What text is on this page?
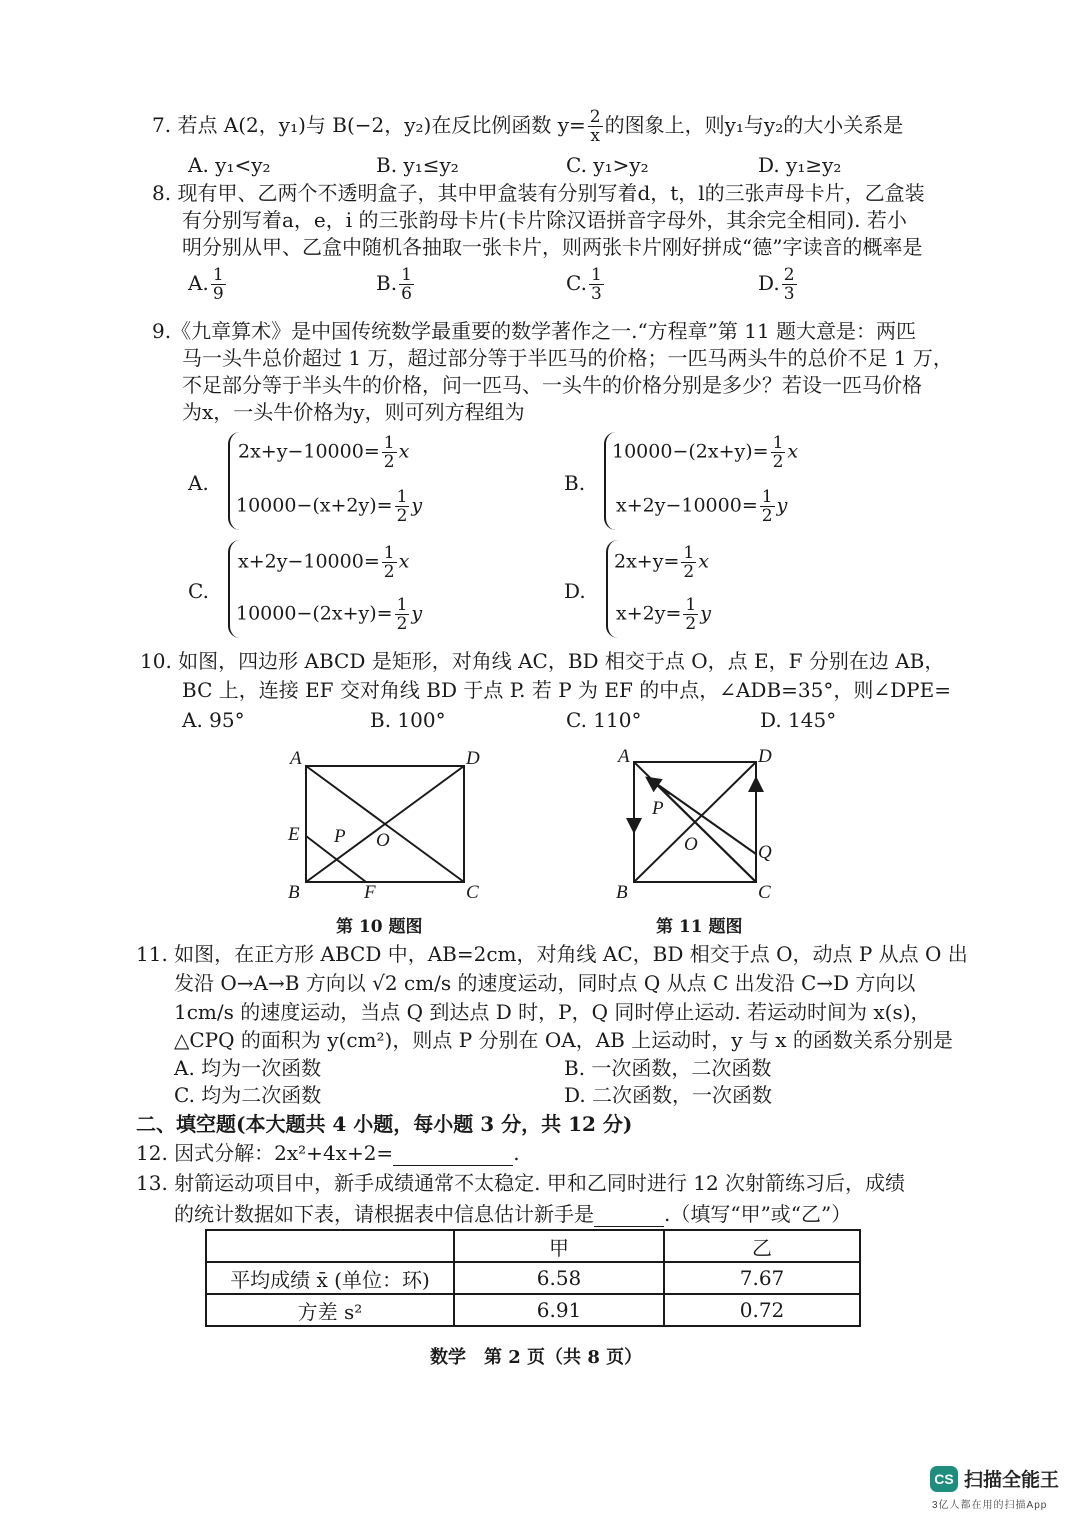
7. 若点 A(2，y₁)与 B(−2，y₂)在反比例函数 $y= \frac{2}{x}$ 的图象上，则y₁与y₂的大小关系是
A. y₁<y₂	B. y₁≤y₂	C. y₁>y₂	D. y₁≥y₂
8. 现有甲、乙两个不透明盒子，其中甲盒装有分别写着d，t，l的三张声母卡片，乙盒装
有分别写着a，e，i 的三张韵母卡片(卡片除汉语拼音字母外，其余完全相同). 若小
明分别从甲、乙盒中随机各抽取一张卡片，则两张卡片刚好拼成“德”字读音的概率是
A. $\frac{1}{9}$	B. $\frac{1}{6}$	C. $\frac{1}{3}$	D. $\frac{2}{3}$
9.《九章算术》是中国传统数学最重要的数学著作之一.“方程章”第 11 题大意是：两匹
马一头牛总价超过 1 万，超过部分等于半匹马的价格；一匹马两头牛的总价不足 1 万，
不足部分等于半头牛的价格，问一匹马、一头牛的价格分别是多少？若设一匹马价格
为x，一头牛价格为y，则可列方程组为
A.
$2x+y-10000= \frac{1}{2}$ x
$10000-(x+2y)= \frac{1}{2}$ y
B.
$10000-(2x+y)= \frac{1}{2}$ x
$x+2y-10000= \frac{1}{2}$ y
C.
$x+2y-10000= \frac{1}{2}$ x
$10000-(2x+y)= \frac{1}{2}$ y
D.
$2x+y= \frac{1}{2}$ x
$x+2y= \frac{1}{2}$ y
10. 如图，四边形 ABCD 是矩形，对角线 AC，BD 相交于点 O，点 E，F 分别在边 AB，
BC 上，连接 EF 交对角线 BD 于点 P. 若 P 为 EF 的中点，∠ADB=35°，则∠DPE=
A. 95°	B. 100°	C. 110°	D. 145°
A	D
E P O
B	F	C
第 10 题图
A	D
P
O	Q
B	C
第 11 题图
11. 如图，在正方形 ABCD 中，AB=2cm，对角线 AC，BD 相交于点 O，动点 P 从点 O 出
发沿 O→A→B 方向以 √2 cm/s 的速度运动，同时点 Q 从点 C 出发沿 C→D 方向以
1cm/s 的速度运动，当点 Q 到达点 D 时，P，Q 同时停止运动. 若运动时间为 x(s)，
△CPQ 的面积为 y(cm²)，则点 P 分别在 OA，AB 上运动时，y 与 x 的函数关系分别是
A. 均为一次函数	B. 一次函数，二次函数
C. 均为二次函数	D. 二次函数，一次函数
二、填空题(本大题共 4 小题，每小题 3 分，共 12 分)
12. 因式分解：2x²+4x+2=	.
13. 射箭运动项目中，新手成绩通常不太稳定. 甲和乙同时进行 12 次射箭练习后，成绩
的统计数据如下表，请根据表中信息估计新手是	.（填写“甲”或“乙”）
	甲	乙
平均成绩 x̄ (单位：环)	6.58	7.67
方差 s²	6.91	0.72
数学　第 2 页（共 8 页）
CS 扫描全能王
3亿人都在用的扫描App
